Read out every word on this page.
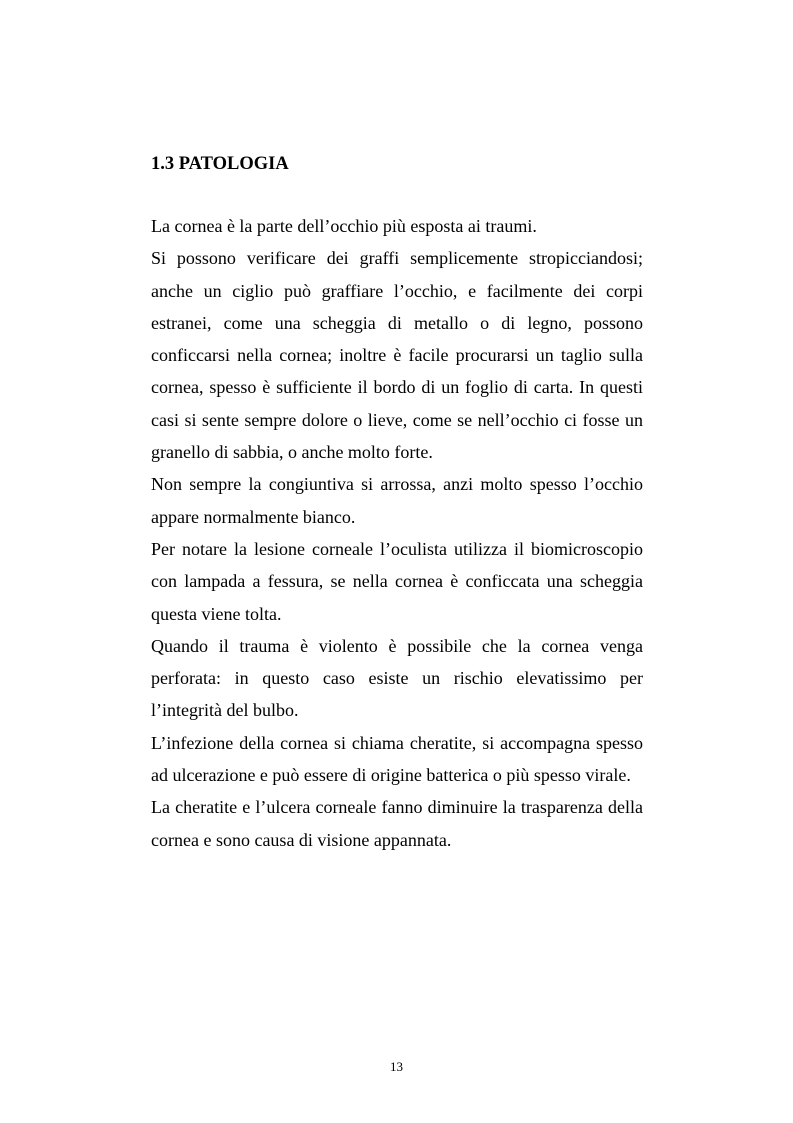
1.3 PATOLOGIA

La cornea è la parte dell’occhio più esposta ai traumi.

Si possono verificare dei graffi semplicemente stropicciandosi; anche un ciglio può graffiare l’occhio, e facilmente dei corpi estranei, come una scheggia di metallo o di legno, possono conficcarsi nella cornea; inoltre è facile procurarsi un taglio sulla cornea, spesso è sufficiente il bordo di un foglio di carta. In questi casi si sente sempre dolore o lieve, come se nell’occhio ci fosse un granello di sabbia, o anche molto forte.

Non sempre la congiuntiva si arrossa, anzi molto spesso l’occhio appare normalmente bianco.

Per notare la lesione corneale l’oculista utilizza il biomicroscopio con lampada a fessura, se nella cornea è conficcata una scheggia questa viene tolta.

Quando il trauma è violento è possibile che la cornea venga perforata: in questo caso esiste un rischio elevatissimo per l’integrità del bulbo.

L’infezione della cornea si chiama cheratite, si accompagna spesso ad ulcerazione e può essere di origine batterica o più spesso virale.

La cheratite e l’ulcera corneale fanno diminuire la trasparenza della cornea e sono causa di visione appannata.

13
